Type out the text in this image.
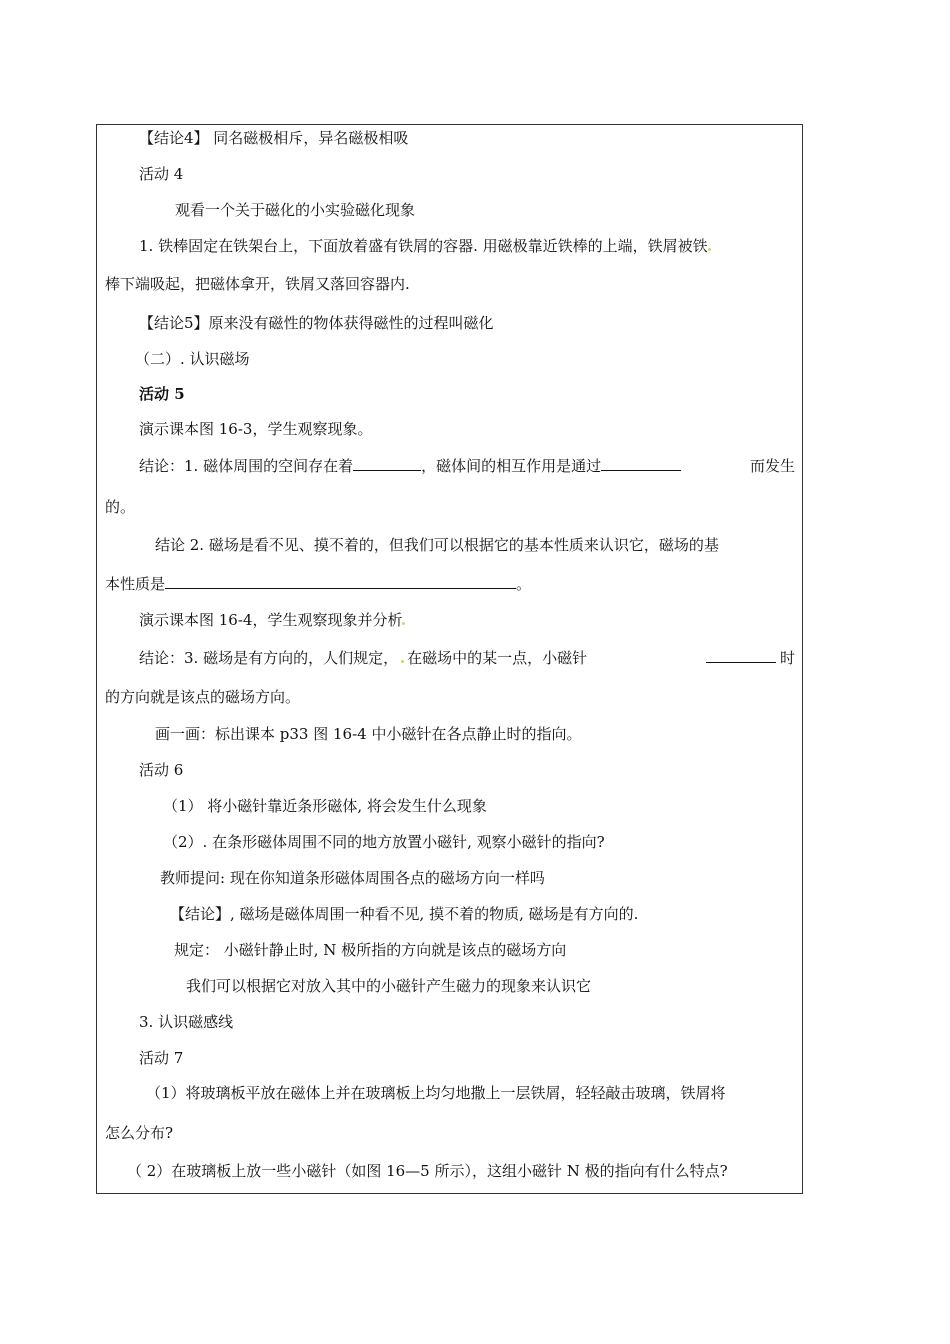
【结论4】 同名磁极相斥，异名磁极相吸
活动 4
观看一个关于磁化的小实验磁化现象
1. 铁棒固定在铁架台上，下面放着盛有铁屑的容器. 用磁极靠近铁棒的上端，铁屑被铁
棒下端吸起，把磁体拿开，铁屑又落回容器内.
【结论5】原来没有磁性的物体获得磁性的过程叫磁化
（二）. 认识磁场
活动 5
演示课本图 16-3，学生观察现象。
结论：1. 磁体周围的空间存在着	，磁体间的相互作用是通过	而发生
的。
结论 2. 磁场是看不见、摸不着的，但我们可以根据它的基本性质来认识它，磁场的基
本性质是	。
演示课本图 16-4，学生观察现象并分析
结论：3. 磁场是有方向的，人们规定， 在磁场中的某一点，小磁针	时
的方向就是该点的磁场方向。
画一画：标出课本 p33 图 16-4 中小磁针在各点静止时的指向。
活动 6
（1） 将小磁针靠近条形磁体, 将会发生什么现象
（2）. 在条形磁体周围不同的地方放置小磁针, 观察小磁针的指向?
教师提问: 现在你知道条形磁体周围各点的磁场方向一样吗
【结论】, 磁场是磁体周围一种看不见, 摸不着的物质, 磁场是有方向的.
规定： 小磁针静止时, N 极所指的方向就是该点的磁场方向
我们可以根据它对放入其中的小磁针产生磁力的现象来认识它
3. 认识磁感线
活动 7
（1）将玻璃板平放在磁体上并在玻璃板上均匀地撒上一层铁屑，轻轻敲击玻璃，铁屑将
怎么分布?
（ 2）在玻璃板上放一些小磁针（如图 16—5 所示），这组小磁针 N 极的指向有什么特点?
